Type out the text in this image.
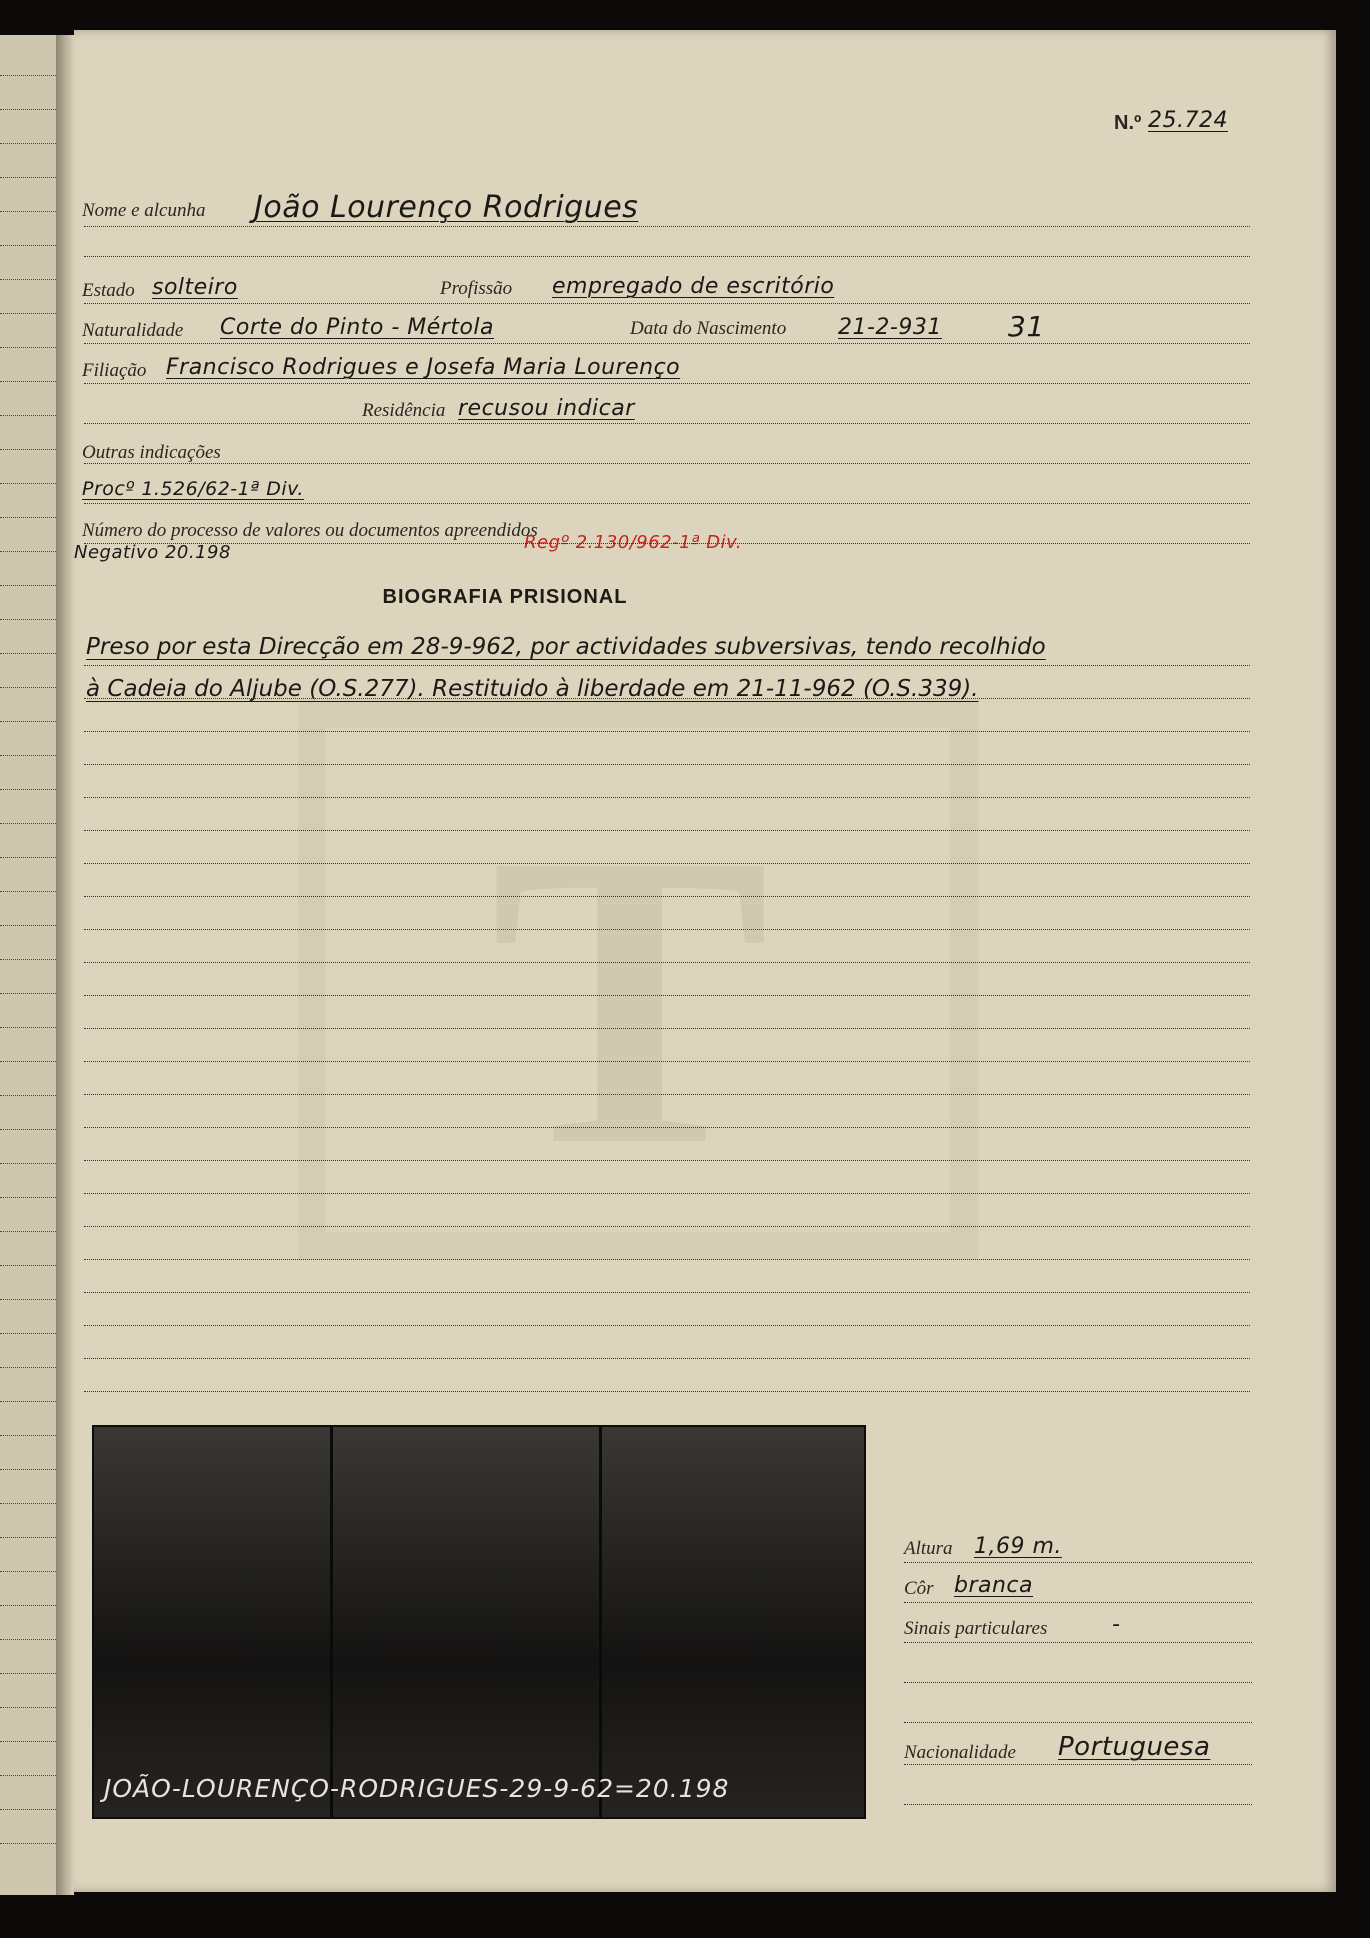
T
N.º 25.724
Nome e alcunha João Lourenço Rodrigues
Estado solteiro	Profissão empregado de escritório
Naturalidade Corte do Pinto - Mértola	Data do Nascimento 21-2-931 31
Filiação Francisco Rodrigues e Josefa Maria Lourenço
Residência recusou indicar
Outras indicações
Procº 1.526/62-1ª Div.
Número do processo de valores ou documentos apreendidos
Negativo 20.198	Regº 2.130/962-1ª Div.
BIOGRAFIA PRISIONAL
Preso por esta Direcção em 28-9-962, por actividades subversivas, tendo recolhido
à Cadeia do Aljube (O.S.277). Restituido à liberdade em 21-11-962 (O.S.339).
JOÃO-LOURENÇO-RODRIGUES-29-9-62=20.198
Altura 1,69 m.
Côr branca
Sinais particulares	-
Nacionalidade Portuguesa
